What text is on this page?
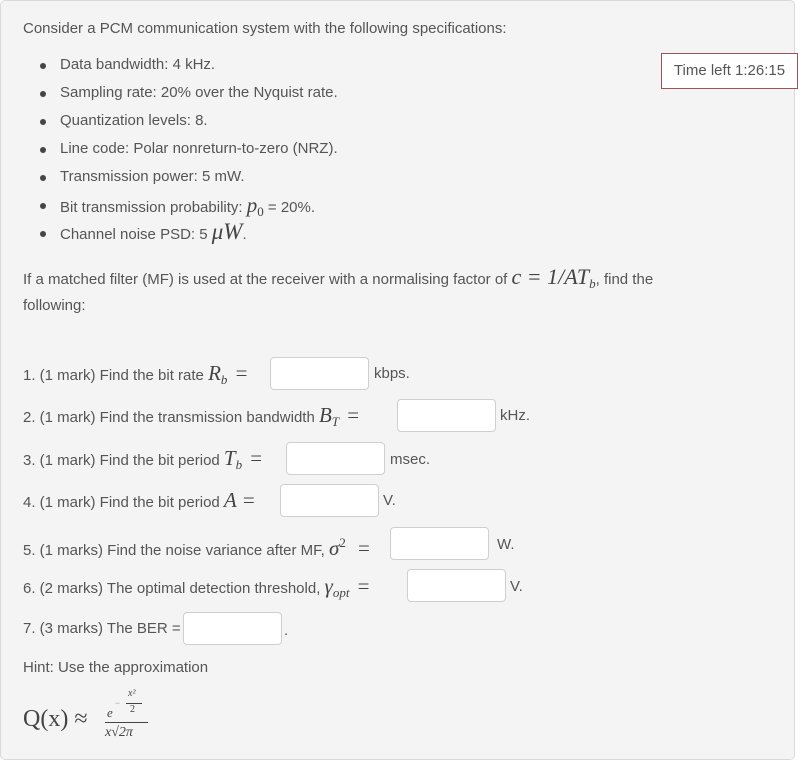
Consider a PCM communication system with the following specifications:
Time left 1:26:15
Data bandwidth: 4 kHz.
Sampling rate: 20% over the Nyquist rate.
Quantization levels: 8.
Line code: Polar nonreturn-to-zero (NRZ).
Transmission power: 5 mW.
Bit transmission probability: p0 = 20%.
Channel noise PSD: 5 μW.
If a matched filter (MF) is used at the receiver with a normalising factor of c = 1/ATb, find the
following:
1. (1 mark) Find the bit rate Rb =	kbps.
2. (1 mark) Find the transmission bandwidth BT =	kHz.
3. (1 mark) Find the bit period Tb =	msec.
4. (1 mark) Find the bit period A =	V.
5. (1 marks) Find the noise variance after MF, σ2 =	W.
6. (2 marks) The optimal detection threshold, γopt =	V.
7. (3 marks) The BER =	.
Hint: Use the approximation
Q(x) ≈ e
−
x²
2
x√2π
